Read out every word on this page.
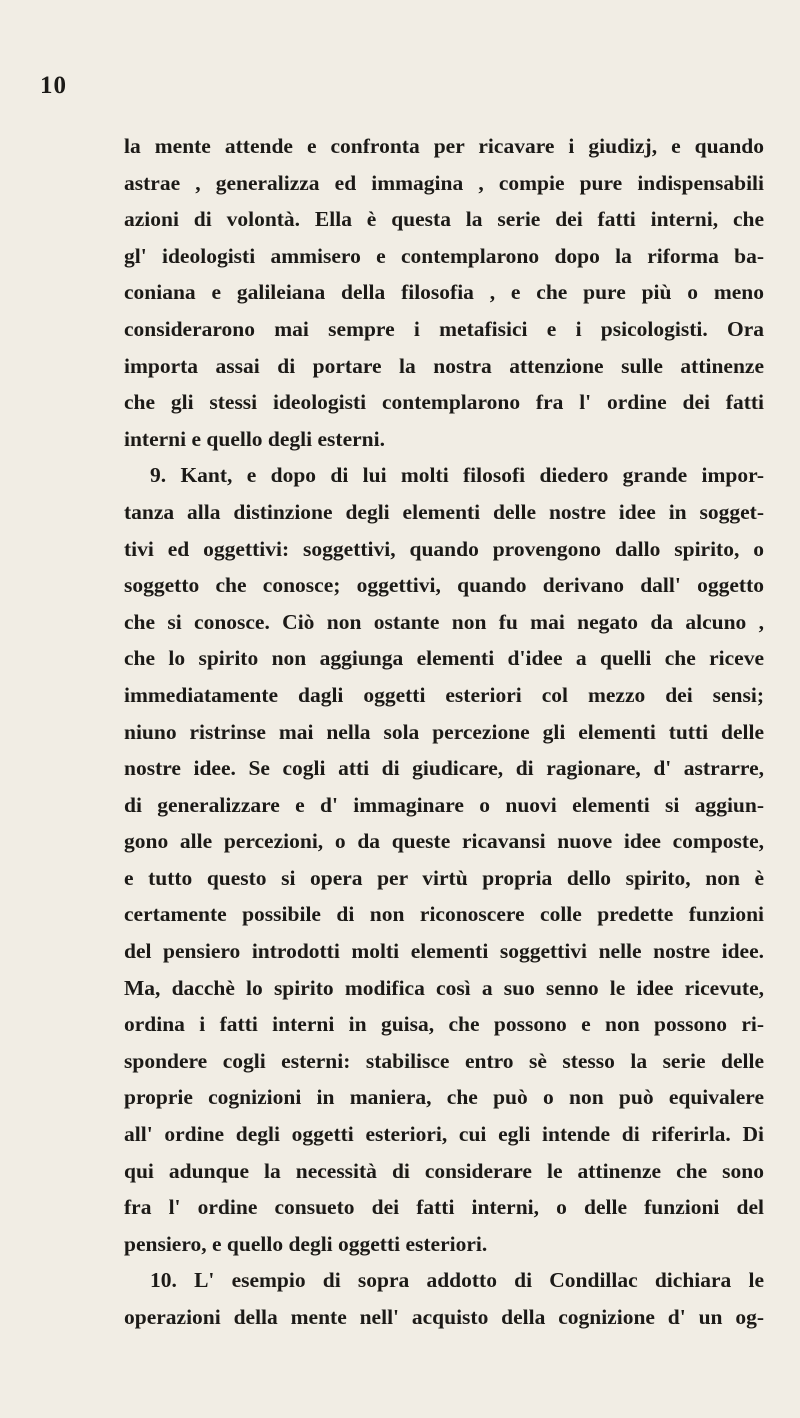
10
la mente attende e confronta per ricavare i giudizj, e quando
astrae , generalizza ed immagina , compie pure indispensabili
azioni di volontà. Ella è questa la serie dei fatti interni, che
gl' ideologisti ammisero e contemplarono dopo la riforma ba-
coniana e galileiana della filosofia , e che pure più o meno
considerarono mai sempre i metafisici e i psicologisti. Ora
importa assai di portare la nostra attenzione sulle attinenze
che gli stessi ideologisti contemplarono fra l' ordine dei fatti
interni e quello degli esterni.
9. Kant, e dopo di lui molti filosofi diedero grande impor-
tanza alla distinzione degli elementi delle nostre idee in sogget-
tivi ed oggettivi: soggettivi, quando provengono dallo spirito, o
soggetto che conosce; oggettivi, quando derivano dall' oggetto
che si conosce. Ciò non ostante non fu mai negato da alcuno ,
che lo spirito non aggiunga elementi d'idee a quelli che riceve
immediatamente dagli oggetti esteriori col mezzo dei sensi;
niuno ristrinse mai nella sola percezione gli elementi tutti delle
nostre idee. Se cogli atti di giudicare, di ragionare, d' astrarre,
di generalizzare e d' immaginare o nuovi elementi si aggiun-
gono alle percezioni, o da queste ricavansi nuove idee composte,
e tutto questo si opera per virtù propria dello spirito, non è
certamente possibile di non riconoscere colle predette funzioni
del pensiero introdotti molti elementi soggettivi nelle nostre idee.
Ma, dacchè lo spirito modifica così a suo senno le idee ricevute,
ordina i fatti interni in guisa, che possono e non possono ri-
spondere cogli esterni: stabilisce entro sè stesso la serie delle
proprie cognizioni in maniera, che può o non può equivalere
all' ordine degli oggetti esteriori, cui egli intende di riferirla. Di
qui adunque la necessità di considerare le attinenze che sono
fra l' ordine consueto dei fatti interni, o delle funzioni del
pensiero, e quello degli oggetti esteriori.
10. L' esempio di sopra addotto di Condillac dichiara le
operazioni della mente nell' acquisto della cognizione d' un og-
